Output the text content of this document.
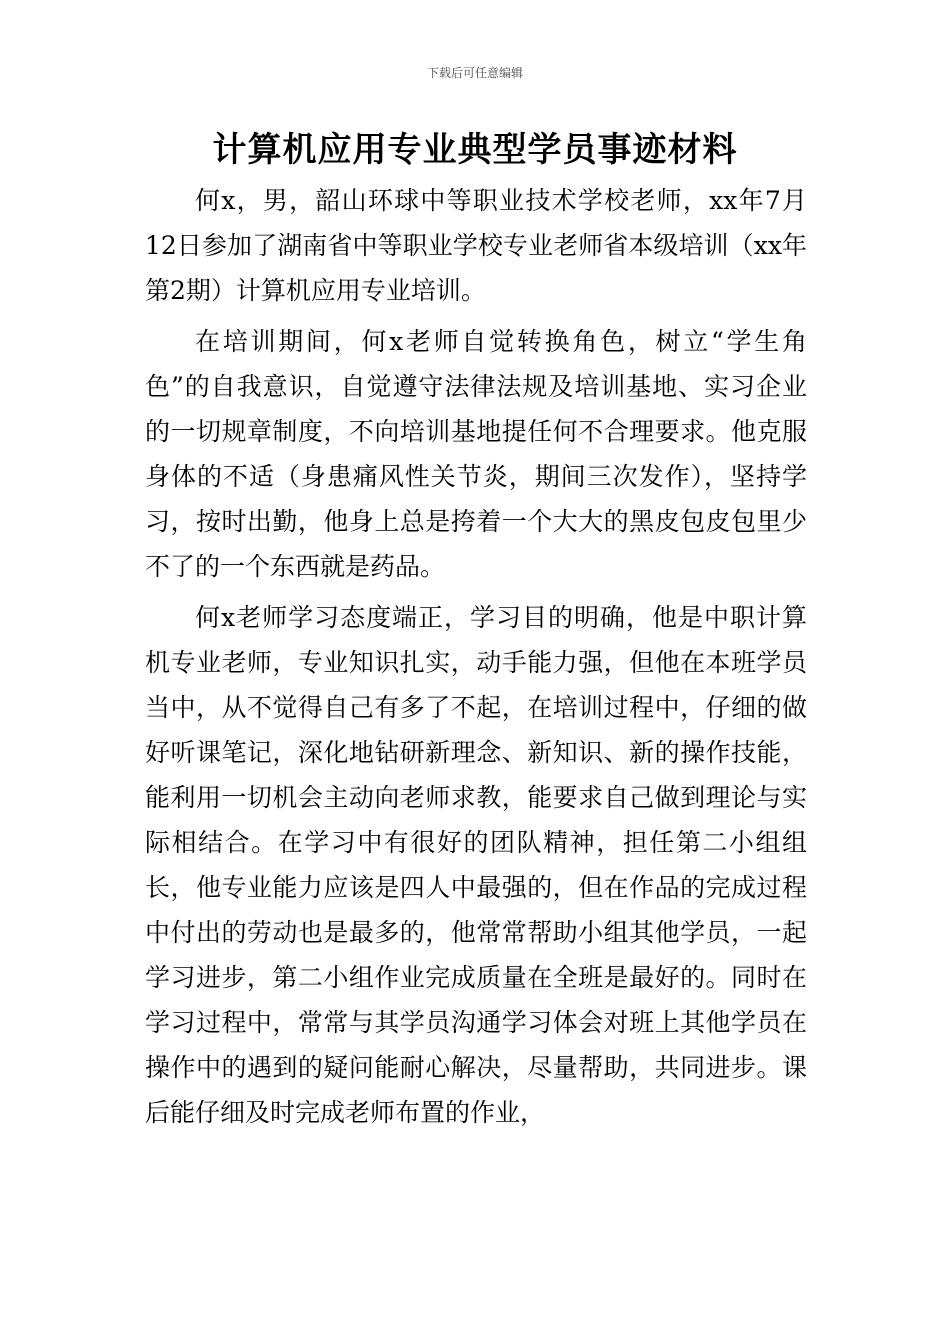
下载后可任意编辑
计算机应用专业典型学员事迹材料

何x，男，韶山环球中等职业技术学校老师，xx年7月12日参加了湖南省中等职业学校专业老师省本级培训（xx年第2期）计算机应用专业培训。

在培训期间，何x老师自觉转换角色，树立“学生角色”的自我意识，自觉遵守法律法规及培训基地、实习企业的一切规章制度，不向培训基地提任何不合理要求。他克服身体的不适（身患痛风性关节炎，期间三次发作），坚持学习，按时出勤，他身上总是挎着一个大大的黑皮包皮包里少不了的一个东西就是药品。

何x老师学习态度端正，学习目的明确，他是中职计算机专业老师，专业知识扎实，动手能力强，但他在本班学员当中，从不觉得自己有多了不起，在培训过程中，仔细的做好听课笔记，深化地钻研新理念、新知识、新的操作技能，能利用一切机会主动向老师求教，能要求自己做到理论与实际相结合。在学习中有很好的团队精神，担任第二小组组长，他专业能力应该是四人中最强的，但在作品的完成过程中付出的劳动也是最多的，他常常帮助小组其他学员，一起学习进步，第二小组作业完成质量在全班是最好的。同时在学习过程中，常常与其学员沟通学习体会对班上其他学员在操作中的遇到的疑问能耐心解决，尽量帮助，共同进步。课后能仔细及时完成老师布置的作业，
